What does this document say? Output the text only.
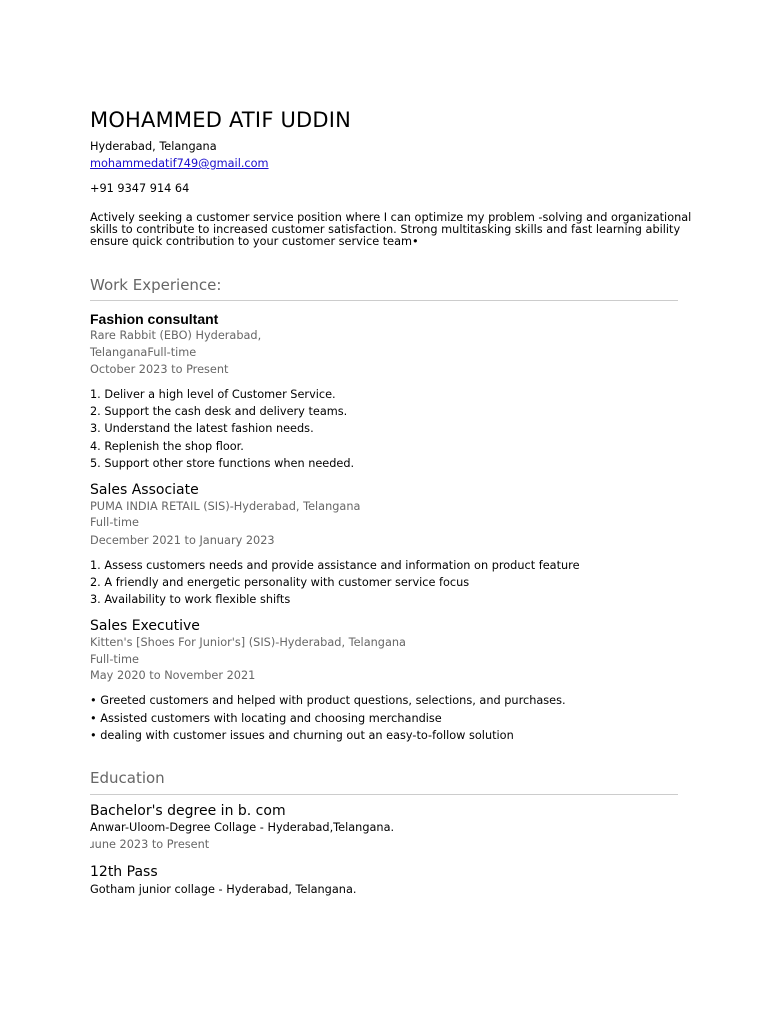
MOHAMMED ATIF UDDIN
Hyderabad, Telangana
mohammedatif749@gmail.com
+91 9347 914 64
Actively seeking a customer service position where I can optimize my problem -solving and organizational
skills to contribute to increased customer satisfaction. Strong multitasking skills and fast learning ability
ensure quick contribution to your customer service team•
Work Experience:
Fashion consultant
Rare Rabbit (EBO) Hyderabad,
TelanganaFull-time
October 2023 to Present
1. Deliver a high level of Customer Service.
2. Support the cash desk and delivery teams.
3. Understand the latest fashion needs.
4. Replenish the shop floor.
5. Support other store functions when needed.
Sales Associate
PUMA INDIA RETAIL (SIS)-Hyderabad, Telangana
Full-time
December 2021 to January 2023
1. Assess customers needs and provide assistance and information on product feature
2. A friendly and energetic personality with customer service focus
3. Availability to work flexible shifts
Sales Executive
Kitten's [Shoes For Junior's] (SIS)-Hyderabad, Telangana
Full-time
May 2020 to November 2021
• Greeted customers and helped with product questions, selections, and purchases.
• Assisted customers with locating and choosing merchandise
• dealing with customer issues and churning out an easy-to-follow solution
Education
Bachelor's degree in b. com
Anwar-Uloom-Degree Collage - Hyderabad,Telangana.
ɹune 2023 to Present
12th Pass
Gotham junior collage - Hyderabad, Telangana.
